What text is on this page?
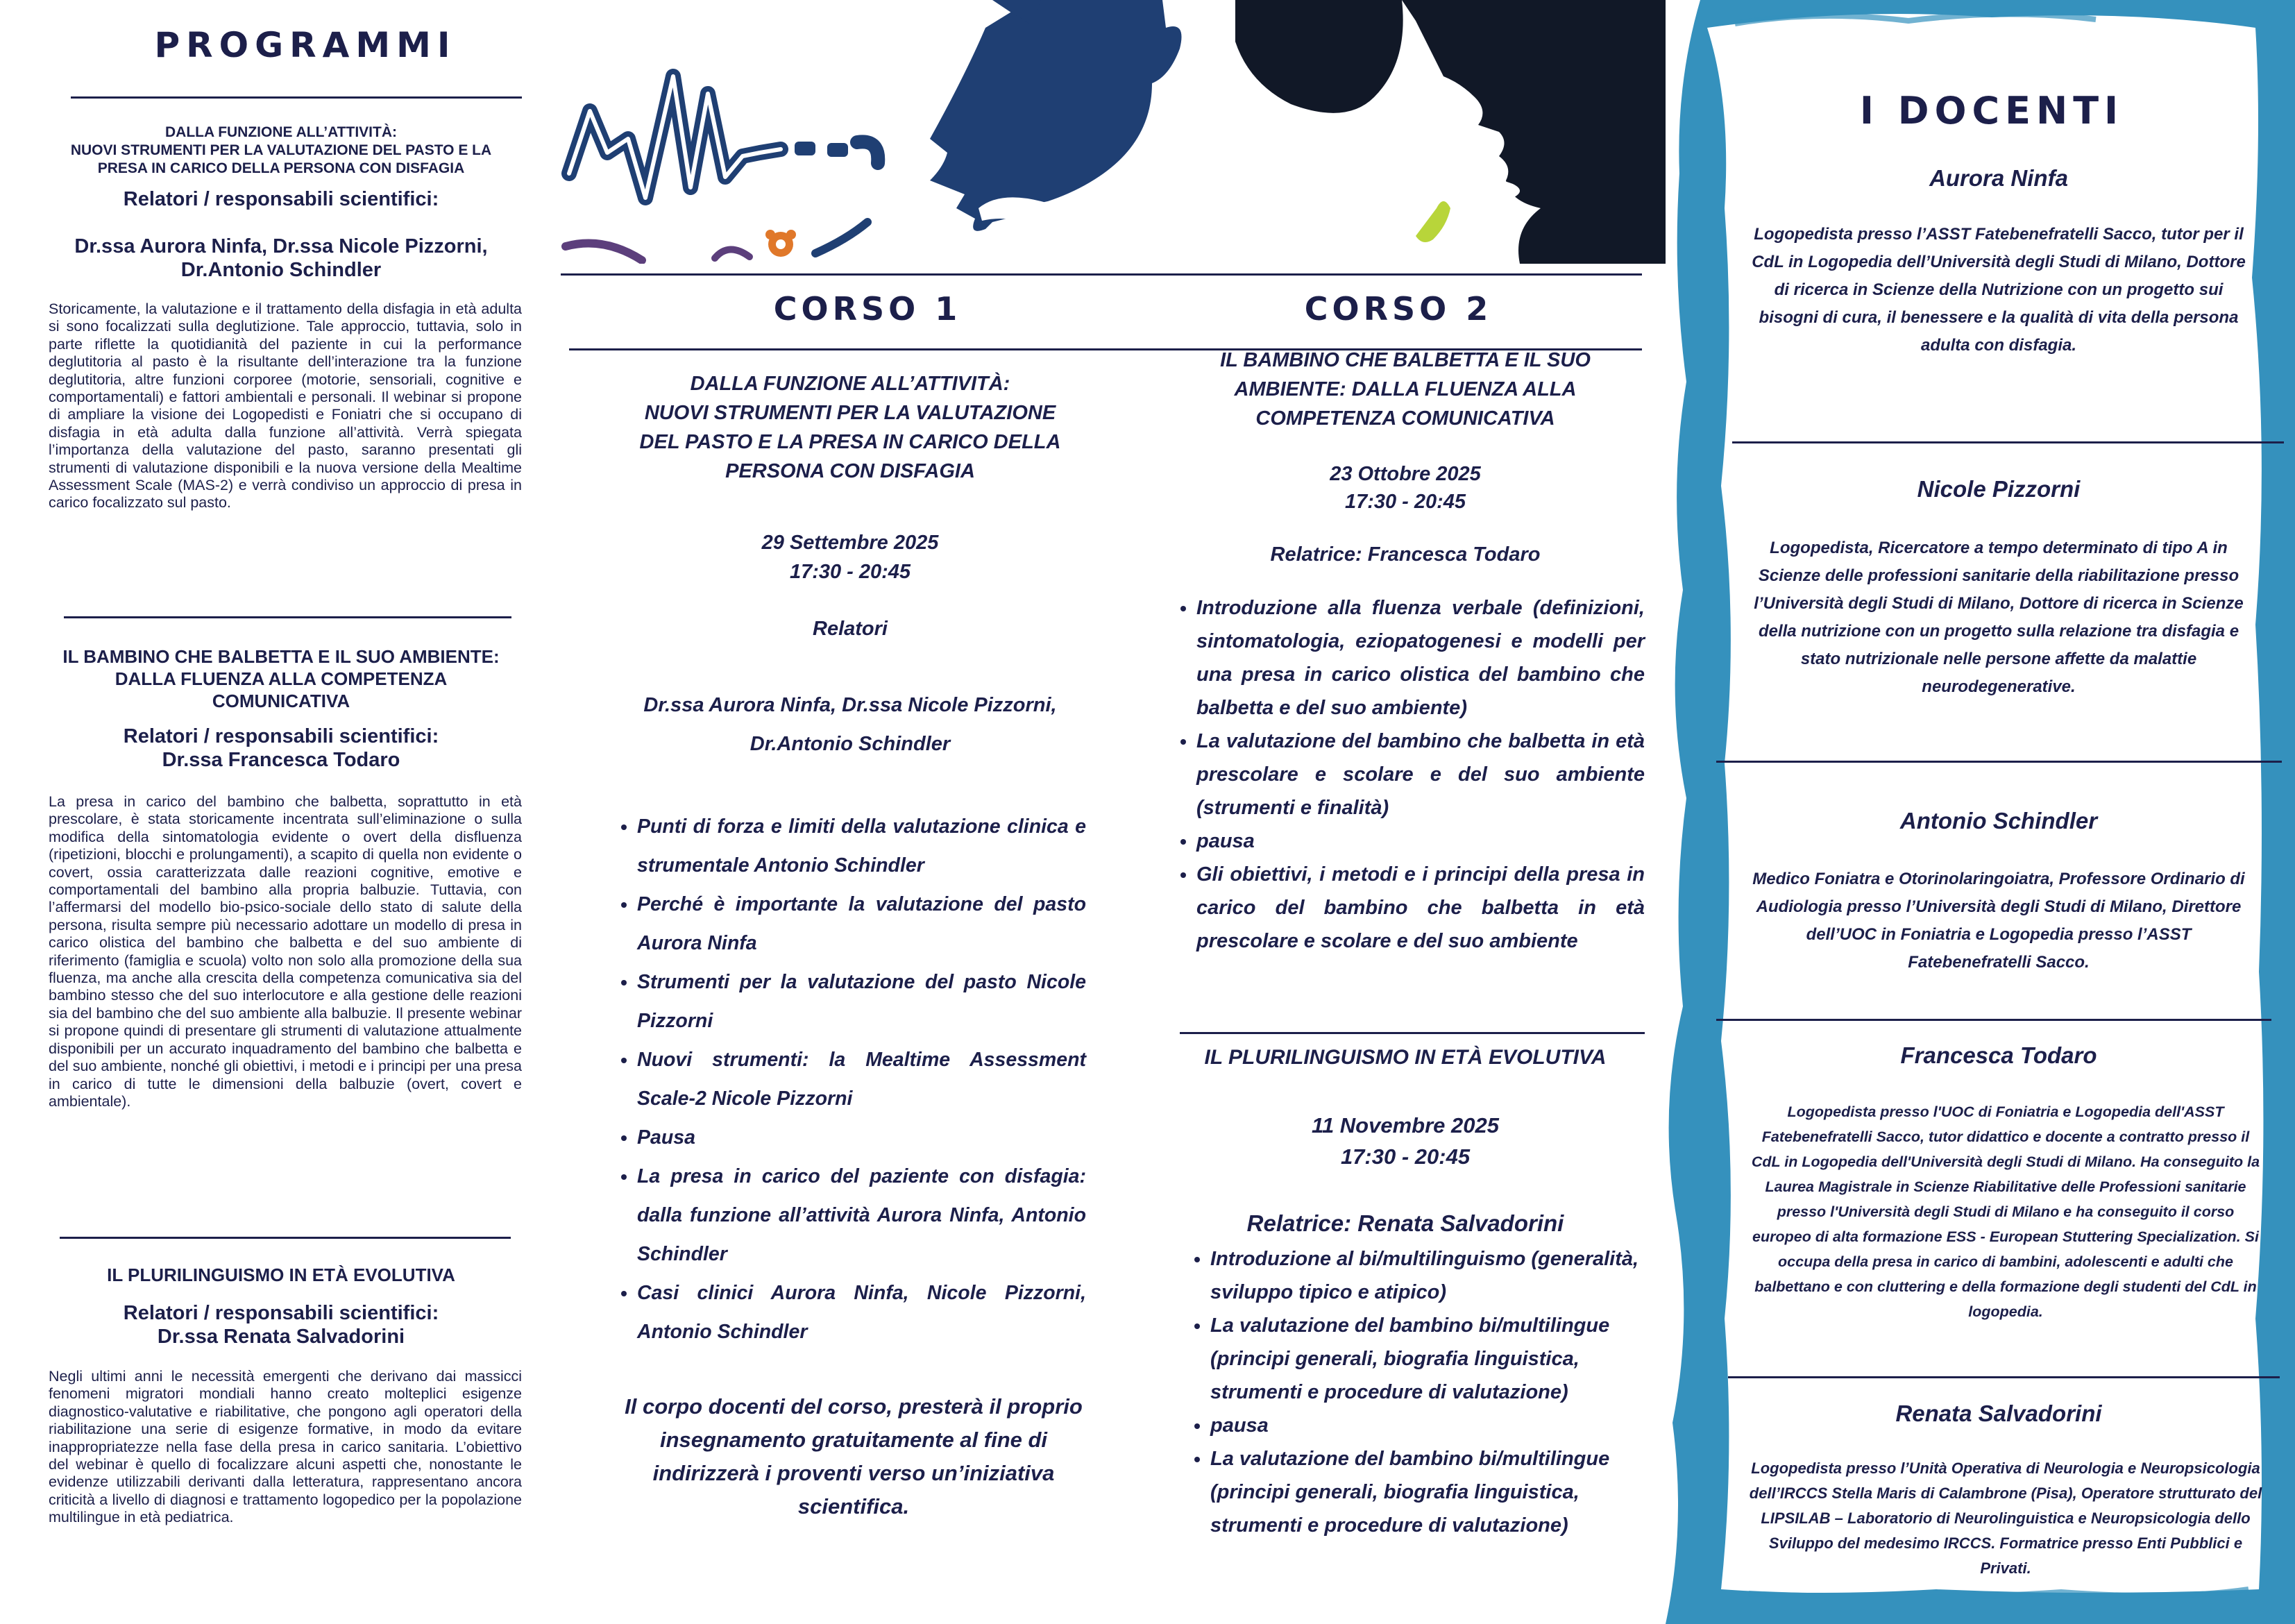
PROGRAMMI
DALLA FUNZIONE ALL’ATTIVITÀ:
NUOVI STRUMENTI PER LA VALUTAZIONE DEL PASTO E LA
PRESA IN CARICO DELLA PERSONA CON DISFAGIA
Relatori / responsabili scientifici:
Dr.ssa Aurora Ninfa, Dr.ssa Nicole Pizzorni,
Dr.Antonio Schindler
Storicamente, la valutazione e il trattamento della disfagia in età adulta si sono focalizzati sulla deglutizione. Tale approccio, tuttavia, solo in parte riflette la quotidianità del paziente in cui la performance deglutitoria al pasto è la risultante dell’interazione tra la funzione deglutitoria, altre funzioni corporee (motorie, sensoriali, cognitive e comportamentali) e fattori ambientali e personali. Il webinar si propone di ampliare la visione dei Logopedisti e Foniatri che si occupano di disfagia in età adulta dalla funzione all’attività. Verrà spiegata l’importanza della valutazione del pasto, saranno presentati gli strumenti di valutazione disponibili e la nuova versione della Mealtime Assessment Scale (MAS-2) e verrà condiviso un approccio di presa in carico focalizzato sul pasto.
IL BAMBINO CHE BALBETTA E IL SUO AMBIENTE:
DALLA FLUENZA ALLA COMPETENZA
COMUNICATIVA
Relatori / responsabili scientifici:
Dr.ssa Francesca Todaro
La presa in carico del bambino che balbetta, soprattutto in età prescolare, è stata storicamente incentrata sull’eliminazione o sulla modifica della sintomatologia evidente o overt della disfluenza (ripetizioni, blocchi e prolungamenti), a scapito di quella non evidente o covert, ossia caratterizzata dalle reazioni cognitive, emotive e comportamentali del bambino alla propria balbuzie. Tuttavia, con l’affermarsi del modello bio-psico-sociale dello stato di salute della persona, risulta sempre più necessario adottare un modello di presa in carico olistica del bambino che balbetta e del suo ambiente di riferimento (famiglia e scuola) volto non solo alla promozione della sua fluenza, ma anche alla crescita della competenza comunicativa sia del bambino stesso che del suo interlocutore e alla gestione delle reazioni sia del bambino che del suo ambiente alla balbuzie. Il presente webinar si propone quindi di presentare gli strumenti di valutazione attualmente disponibili per un accurato inquadramento del bambino che balbetta e del suo ambiente, nonché gli obiettivi, i metodi e i principi per una presa in carico di tutte le dimensioni della balbuzie (overt, covert e ambientale).
IL PLURILINGUISMO IN ETÀ EVOLUTIVA
Relatori / responsabili scientifici:
Dr.ssa Renata Salvadorini
Negli ultimi anni le necessità emergenti che derivano dai massicci fenomeni migratori mondiali hanno creato molteplici esigenze diagnostico-valutative e riabilitative, che pongono agli operatori della riabilitazione una serie di esigenze formative, in modo da evitare inappropriatezze nella fase della presa in carico sanitaria. L’obiettivo del webinar è quello di focalizzare alcuni aspetti che, nonostante le evidenze utilizzabili derivanti dalla letteratura, rappresentano ancora criticità a livello di diagnosi e trattamento logopedico per la popolazione multilingue in età pediatrica.
CORSO 1	CORSO 2
DALLA FUNZIONE ALL’ATTIVITÀ:
NUOVI STRUMENTI PER LA VALUTAZIONE
DEL PASTO E LA PRESA IN CARICO DELLA
PERSONA CON DISFAGIA
29 Settembre 2025
17:30 - 20:45
Relatori
Dr.ssa Aurora Ninfa, Dr.ssa Nicole Pizzorni,
Dr.Antonio Schindler
• Punti di forza e limiti della valutazione clinica e strumentale Antonio Schindler
• Perché è importante la valutazione del pasto Aurora Ninfa
• Strumenti per la valutazione del pasto Nicole Pizzorni
• Nuovi strumenti: la Mealtime Assessment Scale-2 Nicole Pizzorni
• Pausa
• La presa in carico del paziente con disfagia: dalla funzione all’attività Aurora Ninfa, Antonio Schindler
• Casi clinici Aurora Ninfa, Nicole Pizzorni, Antonio Schindler
Il corpo docenti del corso, presterà il proprio insegnamento gratuitamente al fine di indirizzerà i proventi verso un’iniziativa scientifica.
IL BAMBINO CHE BALBETTA E IL SUO
AMBIENTE: DALLA FLUENZA ALLA
COMPETENZA COMUNICATIVA
23 Ottobre 2025
17:30 - 20:45
Relatrice: Francesca Todaro
• Introduzione alla fluenza verbale (definizioni, sintomatologia, eziopatogenesi e modelli per una presa in carico olistica del bambino che balbetta e del suo ambiente)
• La valutazione del bambino che balbetta in età prescolare e scolare e del suo ambiente (strumenti e finalità)
• pausa
• Gli obiettivi, i metodi e i principi della presa in carico del bambino che balbetta in età prescolare e scolare e del suo ambiente
IL PLURILINGUISMO IN ETÀ EVOLUTIVA
11 Novembre 2025
17:30 - 20:45
Relatrice: Renata Salvadorini
• Introduzione al bi/multilinguismo (generalità, sviluppo tipico e atipico)
• La valutazione del bambino bi/multilingue (principi generali, biografia linguistica, strumenti e procedure di valutazione)
• pausa
• La valutazione del bambino bi/multilingue (principi generali, biografia linguistica, strumenti e procedure di valutazione)
I DOCENTI
Aurora Ninfa
Logopedista presso l’ASST Fatebenefratelli Sacco, tutor per il CdL in Logopedia dell’Università degli Studi di Milano, Dottore di ricerca in Scienze della Nutrizione con un progetto sui bisogni di cura, il benessere e la qualità di vita della persona adulta con disfagia.
Nicole Pizzorni
Logopedista, Ricercatore a tempo determinato di tipo A in Scienze delle professioni sanitarie della riabilitazione presso l’Università degli Studi di Milano, Dottore di ricerca in Scienze della nutrizione con un progetto sulla relazione tra disfagia e stato nutrizionale nelle persone affette da malattie neurodegenerative.
Antonio Schindler
Medico Foniatra e Otorinolaringoiatra, Professore Ordinario di Audiologia presso l’Università degli Studi di Milano, Direttore dell’UOC in Foniatria e Logopedia presso l’ASST Fatebenefratelli Sacco.
Francesca Todaro
Logopedista presso l'UOC di Foniatria e Logopedia dell'ASST Fatebenefratelli Sacco, tutor didattico e docente a contratto presso il CdL in Logopedia dell'Università degli Studi di Milano. Ha conseguito la Laurea Magistrale in Scienze Riabilitative delle Professioni sanitarie presso l'Università degli Studi di Milano e ha conseguito il corso europeo di alta formazione ESS - European Stuttering Specialization. Si occupa della presa in carico di bambini, adolescenti e adulti che balbettano e con cluttering e della formazione degli studenti del CdL in logopedia.
Renata Salvadorini
Logopedista presso l’Unità Operativa di Neurologia e Neuropsicologia dell’IRCCS Stella Maris di Calambrone (Pisa), Operatore strutturato del LIPSILAB – Laboratorio di Neurolinguistica e Neuropsicologia dello Sviluppo del medesimo IRCCS. Formatrice presso Enti Pubblici e Privati.
